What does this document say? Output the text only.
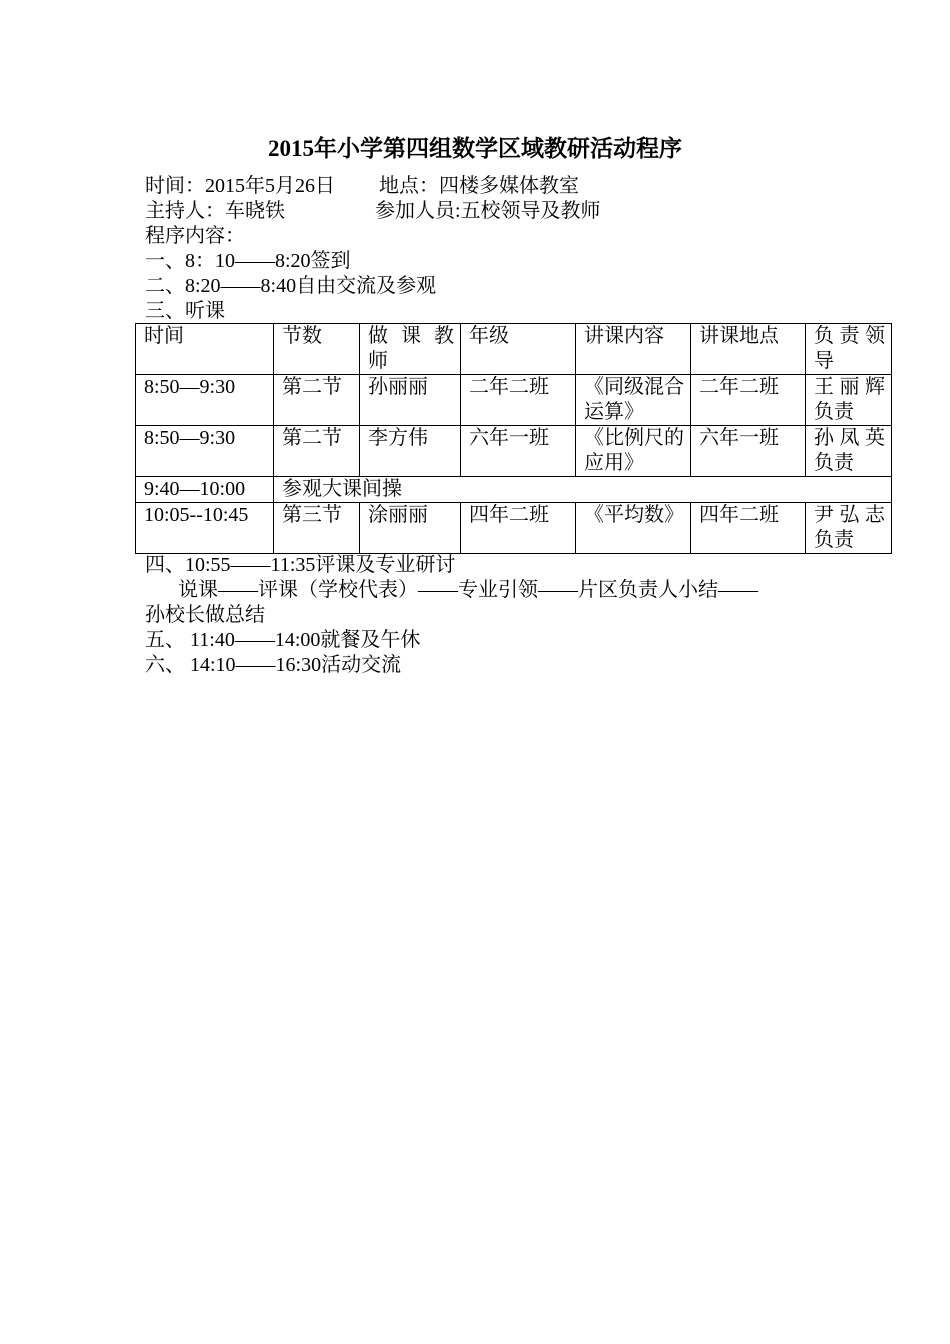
2015年小学第四组数学区域教研活动程序

时间：2015年5月26日 地点：四楼多媒体教室

主持人：车晓铁	参加人员:五校领导及教师

程序内容：

一、8：10——8:20签到

二、8:20——8:40自由交流及参观

三、听课

时间	节数	做 课 教师	年级	讲课内容	讲课地点	负责领导
8:50—9:30	第二节	孙丽丽	二年二班	《同级混合运算》	二年二班	王丽辉负责
8:50—9:30	第二节	李方伟	六年一班	《比例尺的应用》	六年一班	孙凤英负责
9:40—10:00	参观大课间操					
10:05--10:45	第三节	涂丽丽	四年二班	《平均数》	四年二班	尹弘志负责

四、10:55——11:35评课及专业研讨

说课——评课（学校代表）——专业引领——片区负责人小结——

孙校长做总结

五、 11:40——14:00就餐及午休

六、 14:10——16:30活动交流
